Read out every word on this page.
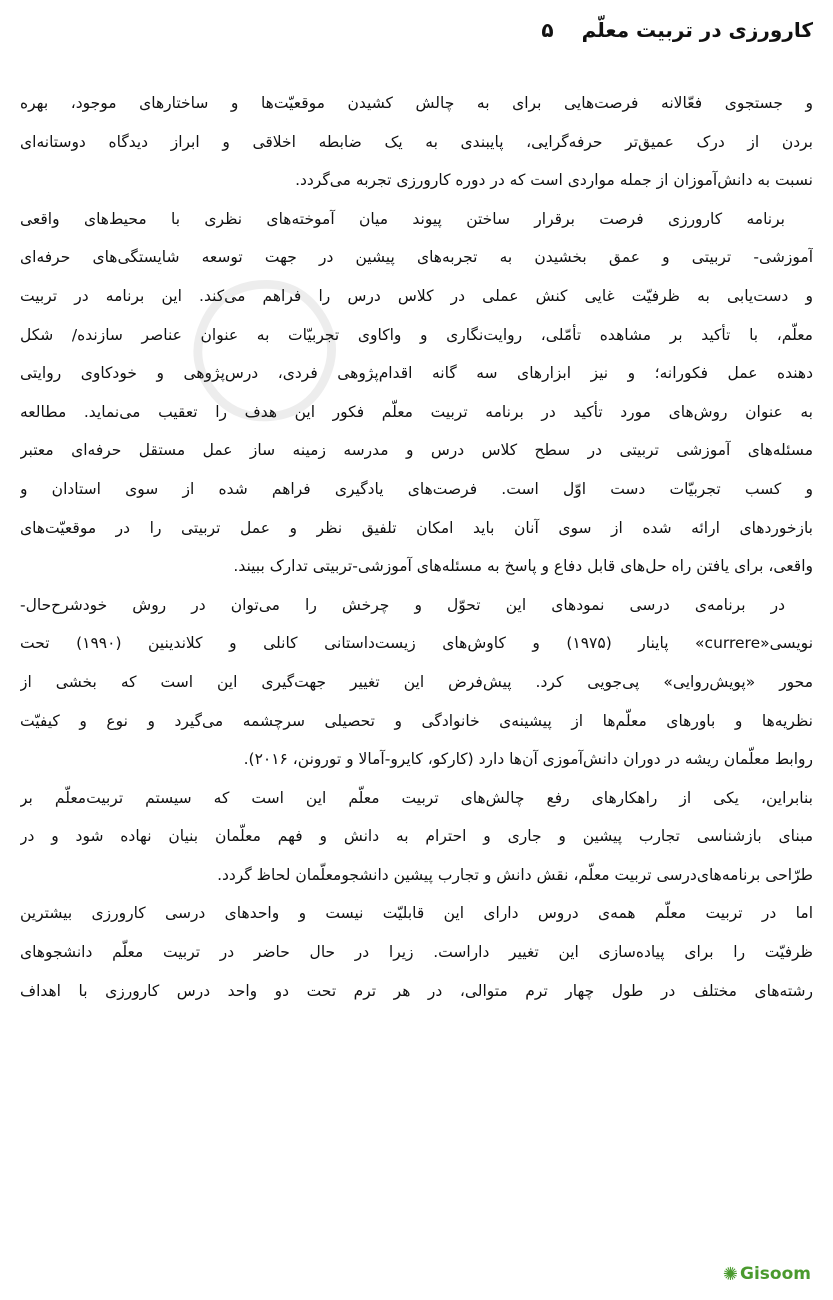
◯
کارورزی در تربیت معلّم
۵
و جستجوی فعّالانه فرصت‌هایی برای به چالش کشیدن موقعیّت‌ها و ساختارهای موجود، بهره
بردن از درک عمیق‌تر حرفه‌گرایی، پایبندی به یک ضابطه اخلاقی و ابراز دیدگاه دوستانه‌ای
نسبت به دانش‌آموزان از جمله مواردی است که در دوره کارورزی تجربه می‌گردد.
برنامه کارورزی فرصت برقرار ساختن پیوند میان آموخته‌های نظری با محیط‌های واقعی
آموزشی- تربیتی و عمق بخشیدن به تجربه‌های پیشین در جهت توسعه شایستگی‌های حرفه‌ای
و دست‌یابی به ظرفیّت غایی کنش عملی در کلاس درس را فراهم می‌کند. این برنامه در تربیت
معلّم، با تأکید بر مشاهده تأمّلی، روایت‌نگاری و واکاوی تجربیّات به عنوان عناصر سازنده/ شکل
دهنده عمل فکورانه؛ و نیز ابزارهای سه گانه اقدام‌پژوهی فردی، درس‌پژوهی و خودکاوی روایتی
به عنوان روش‌های مورد تأکید در برنامه تربیت معلّم فکور این هدف را تعقیب می‌نماید. مطالعه
مسئله‌های آموزشی تربیتی در سطح کلاس درس و مدرسه زمینه ساز عمل مستقل حرفه‌ای معتبر
و کسب تجربیّات دست اوّل است. فرصت‌های یادگیری فراهم شده از سوی استادان و
بازخوردهای ارائه شده از سوی آنان باید امکان تلفیق نظر و عمل تربیتی را در موقعیّت‌های
واقعی، برای یافتن راه حل‌های قابل دفاع و پاسخ به مسئله‌های آموزشی-تربیتی تدارک ببیند.
در برنامه‌ی درسی نمودهای این تحوّل و چرخش را می‌توان در روش خودشرح‌حال-
نویسی«currere» پاینار (۱۹۷۵) و کاوش‌های زیست‌داستانی کانلی و کلاندینین (۱۹۹۰) تحت
محور «پویش‌روایی» پی‌جویی کرد. پیش‌فرض این تغییر جهت‌گیری این است که بخشی از
نظریه‌ها و باورهای معلّم‌ها از پیشینه‌ی خانوادگی و تحصیلی سرچشمه می‌گیرد و نوع و کیفیّت
روابط معلّمان ریشه در دوران دانش‌آموزی آن‌ها دارد (کارکو، کایرو-آمالا و تورونن، ۲۰۱۶).
بنابراین، یکی از راهکارهای رفع چالش‌های تربیت معلّم این است که سیستم تربیت‌معلّم بر
مبنای بازشناسی تجارب پیشین و جاری و احترام به دانش و فهم معلّمان بنیان نهاده شود و در
طرّاحی برنامه‌های‌درسی تربیت معلّم، نقش دانش و تجارب پیشین دانشجومعلّمان لحاظ گردد.
اما در تربیت معلّم همه‌ی دروس دارای این قابلیّت نیست و واحدهای درسی کارورزی بیشترین
ظرفیّت را برای پیاده‌سازی این تغییر داراست. زیرا در حال حاضر در تربیت معلّم دانشجوهای
رشته‌های مختلف در طول چهار ترم متوالی، در هر ترم تحت دو واحد درس کارورزی با اهداف
✺ Gisoom
